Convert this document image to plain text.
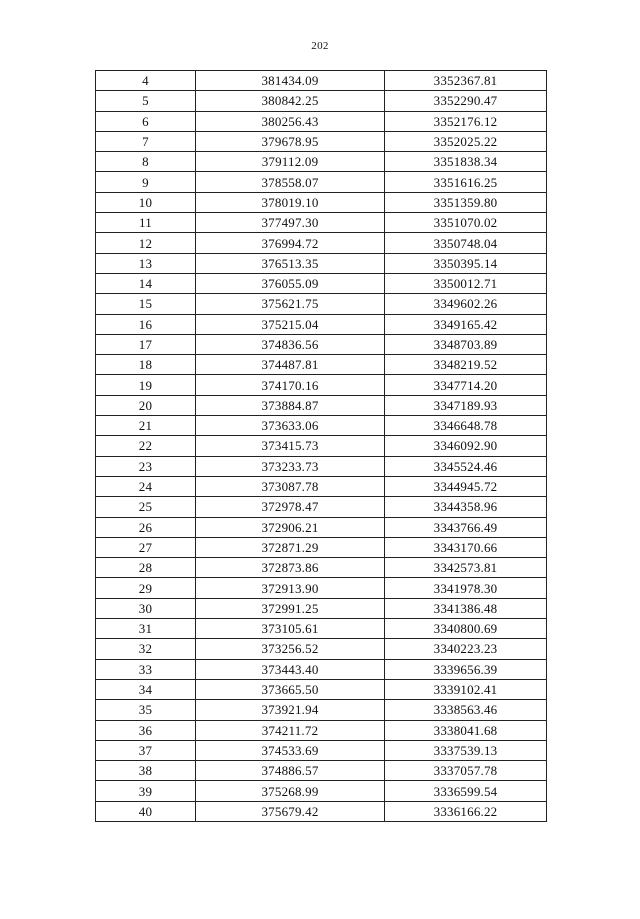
202
4	381434.09	3352367.81
5	380842.25	3352290.47
6	380256.43	3352176.12
7	379678.95	3352025.22
8	379112.09	3351838.34
9	378558.07	3351616.25
10	378019.10	3351359.80
11	377497.30	3351070.02
12	376994.72	3350748.04
13	376513.35	3350395.14
14	376055.09	3350012.71
15	375621.75	3349602.26
16	375215.04	3349165.42
17	374836.56	3348703.89
18	374487.81	3348219.52
19	374170.16	3347714.20
20	373884.87	3347189.93
21	373633.06	3346648.78
22	373415.73	3346092.90
23	373233.73	3345524.46
24	373087.78	3344945.72
25	372978.47	3344358.96
26	372906.21	3343766.49
27	372871.29	3343170.66
28	372873.86	3342573.81
29	372913.90	3341978.30
30	372991.25	3341386.48
31	373105.61	3340800.69
32	373256.52	3340223.23
33	373443.40	3339656.39
34	373665.50	3339102.41
35	373921.94	3338563.46
36	374211.72	3338041.68
37	374533.69	3337539.13
38	374886.57	3337057.78
39	375268.99	3336599.54
40	375679.42	3336166.22
